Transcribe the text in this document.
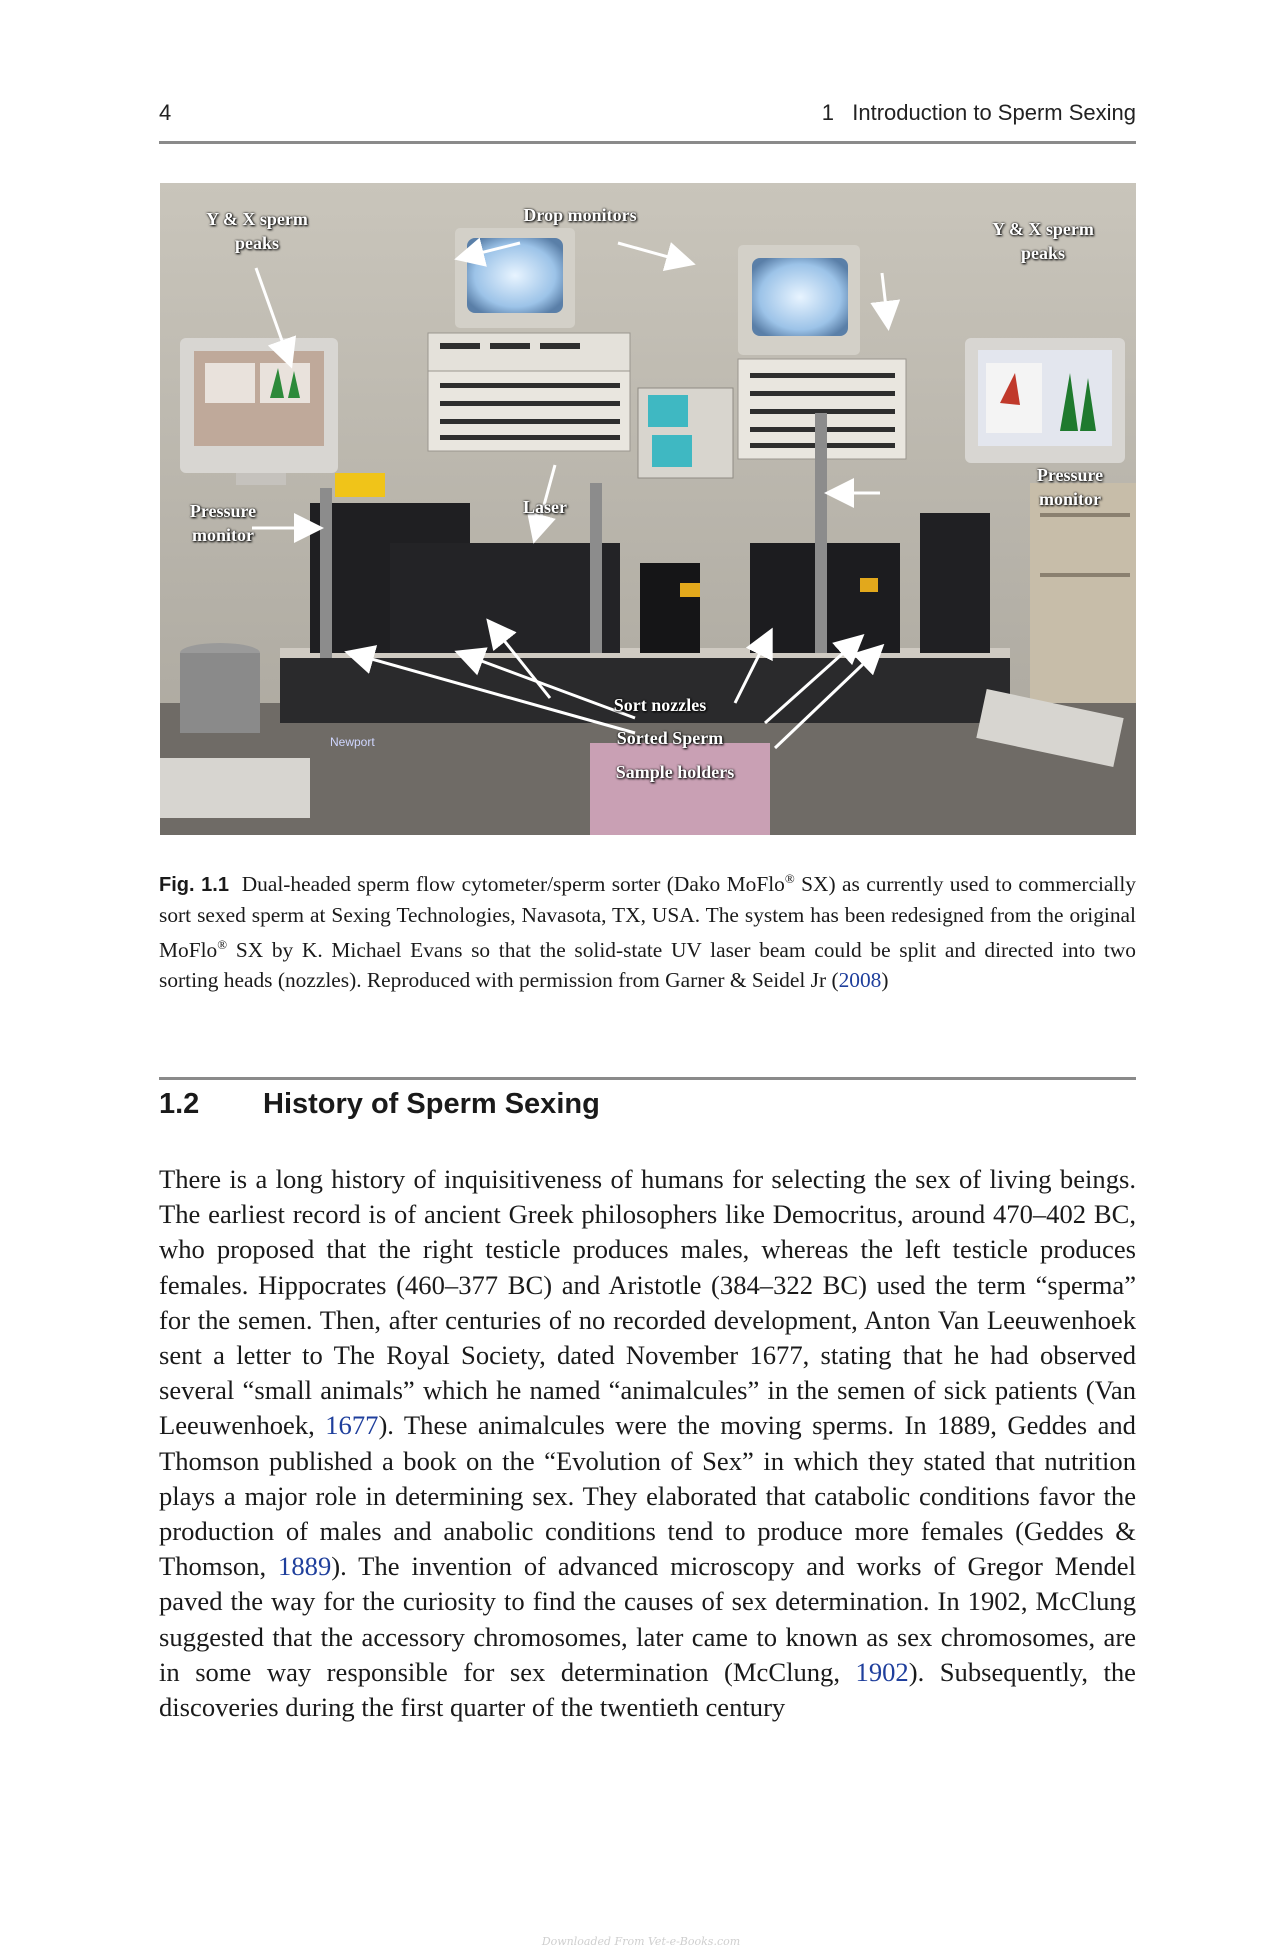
4	1   Introduction to Sperm Sexing
Y & X sperm
peaks
Drop monitors
Y & X sperm
peaks
Pressure
monitor
Laser
Pressure
monitor
Sort nozzles
Sorted Sperm
Sample holders
Newport
Fig. 1.1 Dual-headed sperm flow cytometer/sperm sorter (Dako MoFlo® SX) as currently used to commercially sort sexed sperm at Sexing Technologies, Navasota, TX, USA. The system has been redesigned from the original MoFlo® SX by K. Michael Evans so that the solid-state UV laser beam could be split and directed into two sorting heads (nozzles). Reproduced with permission from Garner & Seidel Jr (2008)
1.2 History of Sperm Sexing
There is a long history of inquisitiveness of humans for selecting the sex of living beings. The earliest record is of ancient Greek philosophers like Democritus, around 470–402 BC, who proposed that the right testicle produces males, whereas the left testicle produces females. Hippocrates (460–377 BC) and Aristotle (384–322 BC) used the term “sperma” for the semen. Then, after centuries of no recorded development, Anton Van Leeuwenhoek sent a letter to The Royal Society, dated November 1677, stating that he had observed several “small animals” which he named “animalcules” in the semen of sick patients (Van Leeuwenhoek, 1677). These animalcules were the moving sperms. In 1889, Geddes and Thomson published a book on the “Evolution of Sex” in which they stated that nutrition plays a major role in determining sex. They elaborated that catabolic conditions favor the production of males and anabolic conditions tend to produce more females (Geddes & Thomson, 1889). The invention of advanced microscopy and works of Gregor Mendel paved the way for the curiosity to find the causes of sex determination. In 1902, McClung suggested that the accessory chromosomes, later came to known as sex chromosomes, are in some way responsible for sex determination (McClung, 1902). Subsequently, the discoveries during the first quarter of the twentieth century
Downloaded From Vet-e-Books.com
